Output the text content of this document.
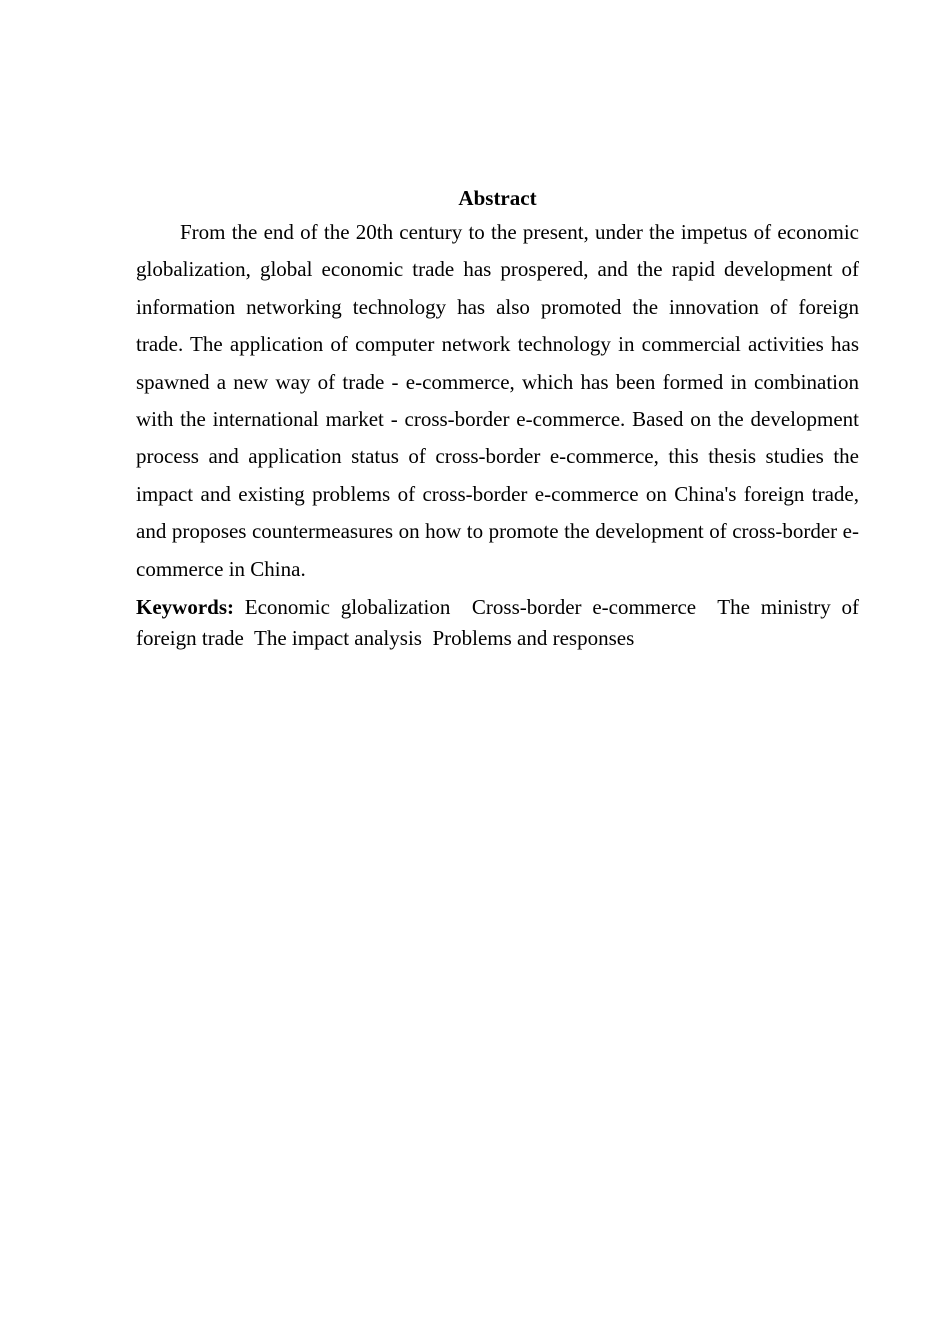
Abstract

From the end of the 20th century to the present, under the impetus of economic globalization, global economic trade has prospered, and the rapid development of information networking technology has also promoted the innovation of foreign trade. The application of computer network technology in commercial activities has spawned a new way of trade - e-commerce, which has been formed in combination with the international market - cross-border e-commerce. Based on the development process and application status of cross-border e-commerce, this thesis studies the impact and existing problems of cross-border e-commerce on China's foreign trade, and proposes countermeasures on how to promote the development of cross-border e-commerce in China.

Keywords: Economic globalization Cross-border e-commerce The ministry of foreign trade The impact analysis Problems and responses
